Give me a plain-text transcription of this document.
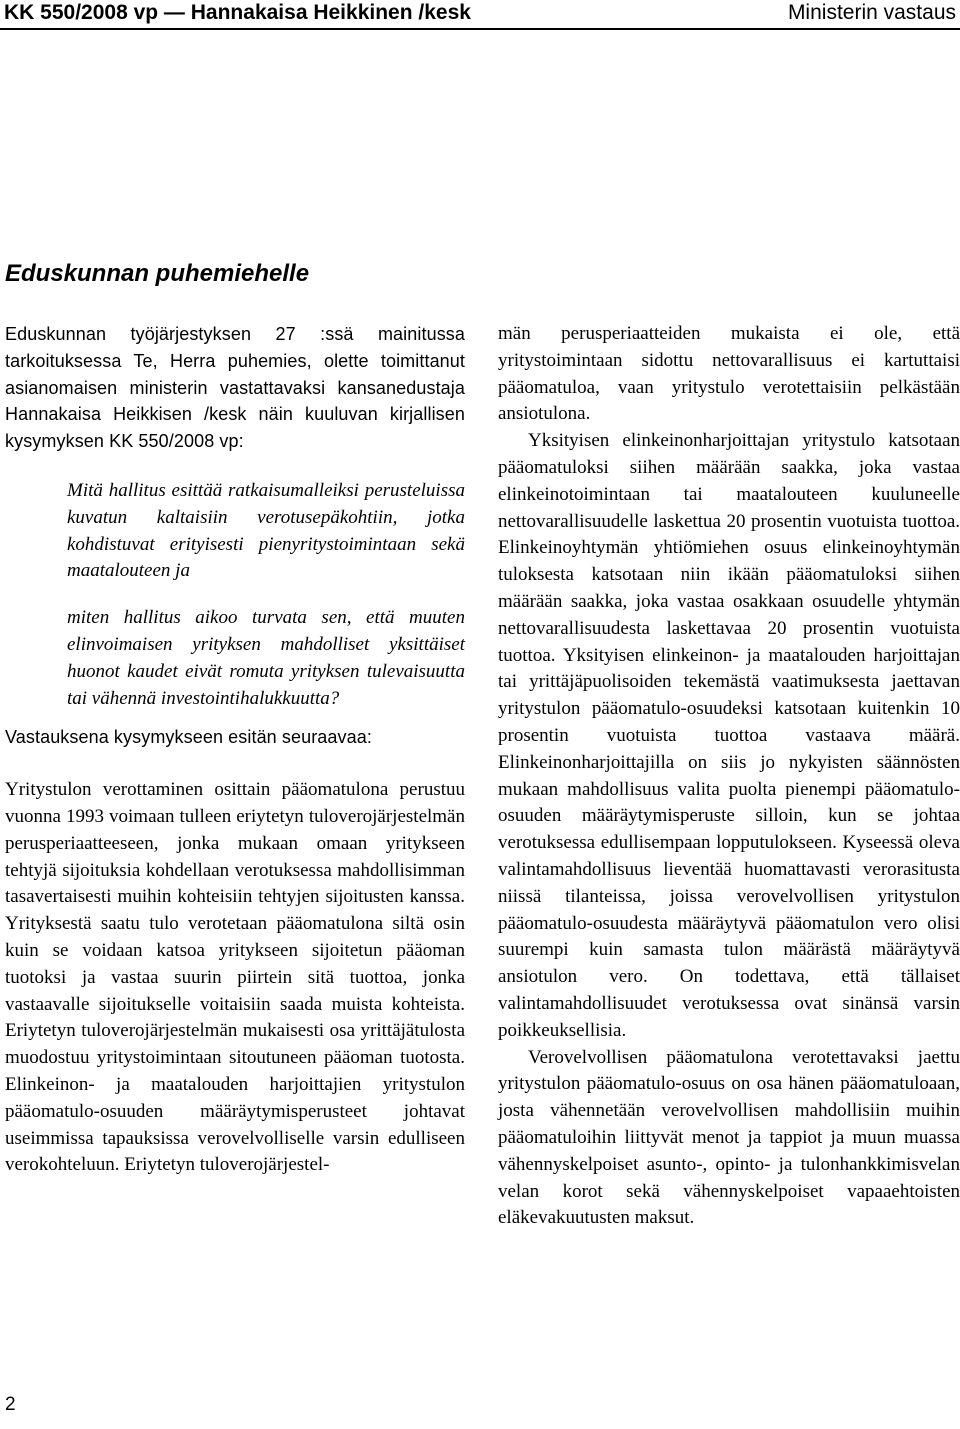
KK 550/2008 vp — Hannakaisa Heikkinen /kesk	Ministerin vastaus
Eduskunnan puhemiehelle

Eduskunnan työjärjestyksen 27 :ssä mainitussa tarkoituksessa Te, Herra puhemies, olette toimittanut asianomaisen ministerin vastattavaksi kansanedustaja Hannakaisa Heikkisen /kesk näin kuuluvan kirjallisen kysymyksen KK 550/2008 vp:

Mitä hallitus esittää ratkaisumalleiksi perusteluissa kuvatun kaltaisiin verotusepäkohtiin, jotka kohdistuvat erityisesti pienyritystoimintaan sekä maatalouteen ja

miten hallitus aikoo turvata sen, että muuten elinvoimaisen yrityksen mahdolliset yksittäiset huonot kaudet eivät romuta yrityksen tulevaisuutta tai vähennä investointihalukkuutta?

Vastauksena kysymykseen esitän seuraavaa:

Yritystulon verottaminen osittain pääomatulona perustuu vuonna 1993 voimaan tulleen eriytetyn tuloverojärjestelmän perusperiaatteeseen, jonka mukaan omaan yritykseen tehtyjä sijoituksia kohdellaan verotuksessa mahdollisimman tasavertaisesti muihin kohteisiin tehtyjen sijoitusten kanssa. Yrityksestä saatu tulo verotetaan pääomatulona siltä osin kuin se voidaan katsoa yritykseen sijoitetun pääoman tuotoksi ja vastaa suurin piirtein sitä tuottoa, jonka vastaavalle sijoitukselle voitaisiin saada muista kohteista. Eriytetyn tuloverojärjestelmän mukaisesti osa yrittäjätulosta muodostuu yritystoimintaan sitoutuneen pääoman tuotosta. Elinkeinon- ja maatalouden harjoittajien yritystulon pääomatulo-osuuden määräytymisperusteet johtavat useimmissa tapauksissa verovelvolliselle varsin edulliseen verokohteluun. Eriytetyn tuloverojärjestel-

män perusperiaatteiden mukaista ei ole, että yritystoimintaan sidottu nettovarallisuus ei kartuttaisi pääomatuloa, vaan yritystulo verotettaisiin pelkästään ansiotulona.

Yksityisen elinkeinonharjoittajan yritystulo katsotaan pääomatuloksi siihen määrään saakka, joka vastaa elinkeinotoimintaan tai maatalouteen kuuluneelle nettovarallisuudelle laskettua 20 prosentin vuotuista tuottoa. Elinkeinoyhtymän yhtiömiehen osuus elinkeinoyhtymän tuloksesta katsotaan niin ikään pääomatuloksi siihen määrään saakka, joka vastaa osakkaan osuudelle yhtymän nettovarallisuudesta laskettavaa 20 prosentin vuotuista tuottoa. Yksityisen elinkeinon- ja maatalouden harjoittajan tai yrittäjäpuolisoiden tekemästä vaatimuksesta jaettavan yritystulon pääomatulo-osuudeksi katsotaan kuitenkin 10 prosentin vuotuista tuottoa vastaava määrä. Elinkeinonharjoittajilla on siis jo nykyisten säännösten mukaan mahdollisuus valita puolta pienempi pääomatulo-osuuden määräytymisperuste silloin, kun se johtaa verotuksessa edullisempaan lopputulokseen. Kyseessä oleva valintamahdollisuus lieventää huomattavasti verorasitusta niissä tilanteissa, joissa verovelvollisen yritystulon pääomatulo-osuudesta määräytyvä pääomatulon vero olisi suurempi kuin samasta tulon määrästä määräytyvä ansiotulon vero. On todettava, että tällaiset valintamahdollisuudet verotuksessa ovat sinänsä varsin poikkeuksellisia.

Verovelvollisen pääomatulona verotettavaksi jaettu yritystulon pääomatulo-osuus on osa hänen pääomatuloaan, josta vähennetään verovelvollisen mahdollisiin muihin pääomatuloihin liittyvät menot ja tappiot ja muun muassa vähennyskelpoiset asunto-, opinto- ja tulonhankkimisvelan velan korot sekä vähennyskelpoiset vapaaehtoisten eläkevakuutusten maksut.

2
